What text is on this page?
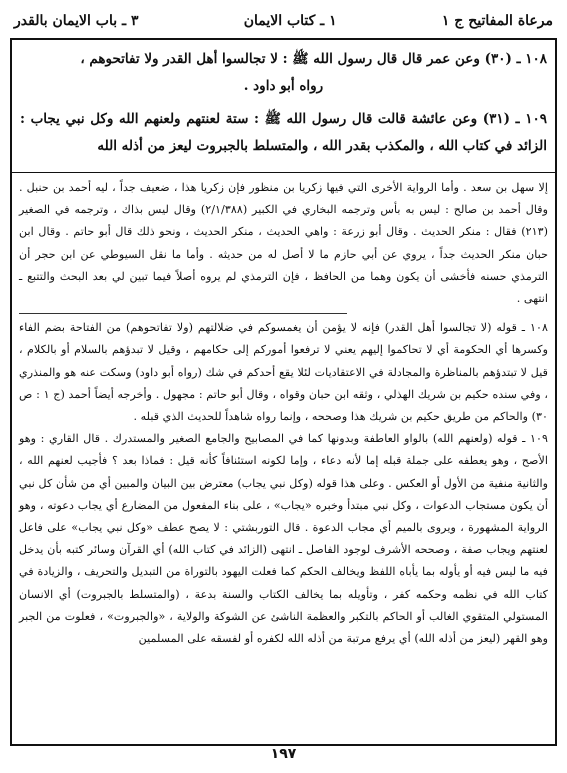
مرعاة المفاتيح ج ١
١ ـ كتاب الايمان
٣ ـ باب الايمان بالقدر

١٠٨ ـ (٣٠) وعن عمر قال قال رسول الله ﷺ : لا تجالسوا أهل القدر ولا تفاتحوهم ،
رواه أبو داود .

١٠٩ ـ (٣١) وعن عائشة قالت قال رسول الله ﷺ : ستة لعنتهم ولعنهم الله وكل نبي يجاب : الزائد في كتاب الله ، والمكذب بقدر الله ، والمتسلط بالجبروت ليعز من أذله الله

إلا سهل بن سعد . وأما الرواية الأخرى التي فيها زكريا بن منظور فإن زكريا هذا ، ضعيف جداً ، ليه أحمد بن حنبل . وقال أحمد بن صالح : ليس به بأس وترجمه البخاري في الكبير (٢/١/٣٨٨) وقال ليس بذاك ، وترجمه في الصغير (٢١٣) فقال : منكر الحديث . وقال أبو زرعة : واهي الحديث ، منكر الحديث ، ونحو ذلك قال أبو حاتم . وقال ابن حبان منكر الحديث جداً ، يروي عن أبي حازم ما لا أصل له من حديثه . وأما ما نقل السيوطي عن ابن حجر أن الترمذي حسنه فأخشى أن يكون وهما من الحافظ ، فإن الترمذي لم يروه أصلاً فيما تبين لي بعد البحث والتتبع ـ انتهى .

١٠٨ ـ قوله (لا تجالسوا أهل القدر) فإنه لا يؤمن أن يغمسوكم في ضلالتهم (ولا تفاتحوهم) من الفتاحة بضم الفاء وكسرها أي الحكومة أي لا تحاكموا إليهم يعني لا ترفعوا أموركم إلى حكامهم ، وقيل لا تبدؤهم بالسلام أو بالكلام ، قيل لا تبتدؤهم بالمناظرة والمجادلة في الاعتقاديات لئلا يقع أحدكم في شك (رواه أبو داود) وسكت عنه هو والمنذري ، وفي سنده حكيم بن شريك الهذلي ، وثقه ابن حبان وقواه ، وقال أبو حاتم : مجهول . وأخرجه أيضاً أحمد (ج ١ : ص ٣٠) والحاكم من طريق حكيم بن شريك هذا وصححه ، وإنما رواه شاهداً للحديث الذي قبله .

١٠٩ ـ قوله (ولعنهم الله) بالواو العاطفة وبدونها كما في المصابيح والجامع الصغير والمستدرك . قال القاري : وهو الأصح ، وهو يعطفه على جملة قبله إما لأنه دعاء ، وإما لكونه استئنافاً كأنه قيل : فماذا بعد ؟ فأجيب لعنهم الله ، والثانية منفية من الأول أو العكس . وعلى هذا قوله (وكل نبي يجاب) معترض بين البيان والمبين أي من شأن كل نبي أن يكون مستجاب الدعوات ، وكل نبي مبتدأ وخبره «يجاب» ، على بناء المفعول من المضارع أي يجاب دعوته ، وهو الرواية المشهورة ، ويروى بالميم أي مجاب الدعوة . قال التوربشتي : لا يصح عطف «وكل نبي يجاب» على فاعل لعنتهم ويجاب صفة ، وصححه الأشرف لوجود الفاصل ـ انتهى (الزائد في كتاب الله) أي القرآن وسائر كتبه بأن يدخل فيه ما ليس فيه أو يأوله بما يأباه اللفظ ويخالف الحكم كما فعلت اليهود بالتوراة من التبديل والتحريف ، والزيادة في كتاب الله في نظمه وحكمه كفر ، وتأويله بما يخالف الكتاب والسنة بدعة ، (والمتسلط بالجبروت) أي الانسان المستولي المتقوي الغالب أو الحاكم بالتكبر والعظمة الناشئ عن الشوكة والولاية ، «والجبروت» ، فعلوت من الجبر وهو القهر (ليعز من أذله الله) أي يرفع مرتبة من أذله الله لكفره أو لفسقه على المسلمين

١٩٧
